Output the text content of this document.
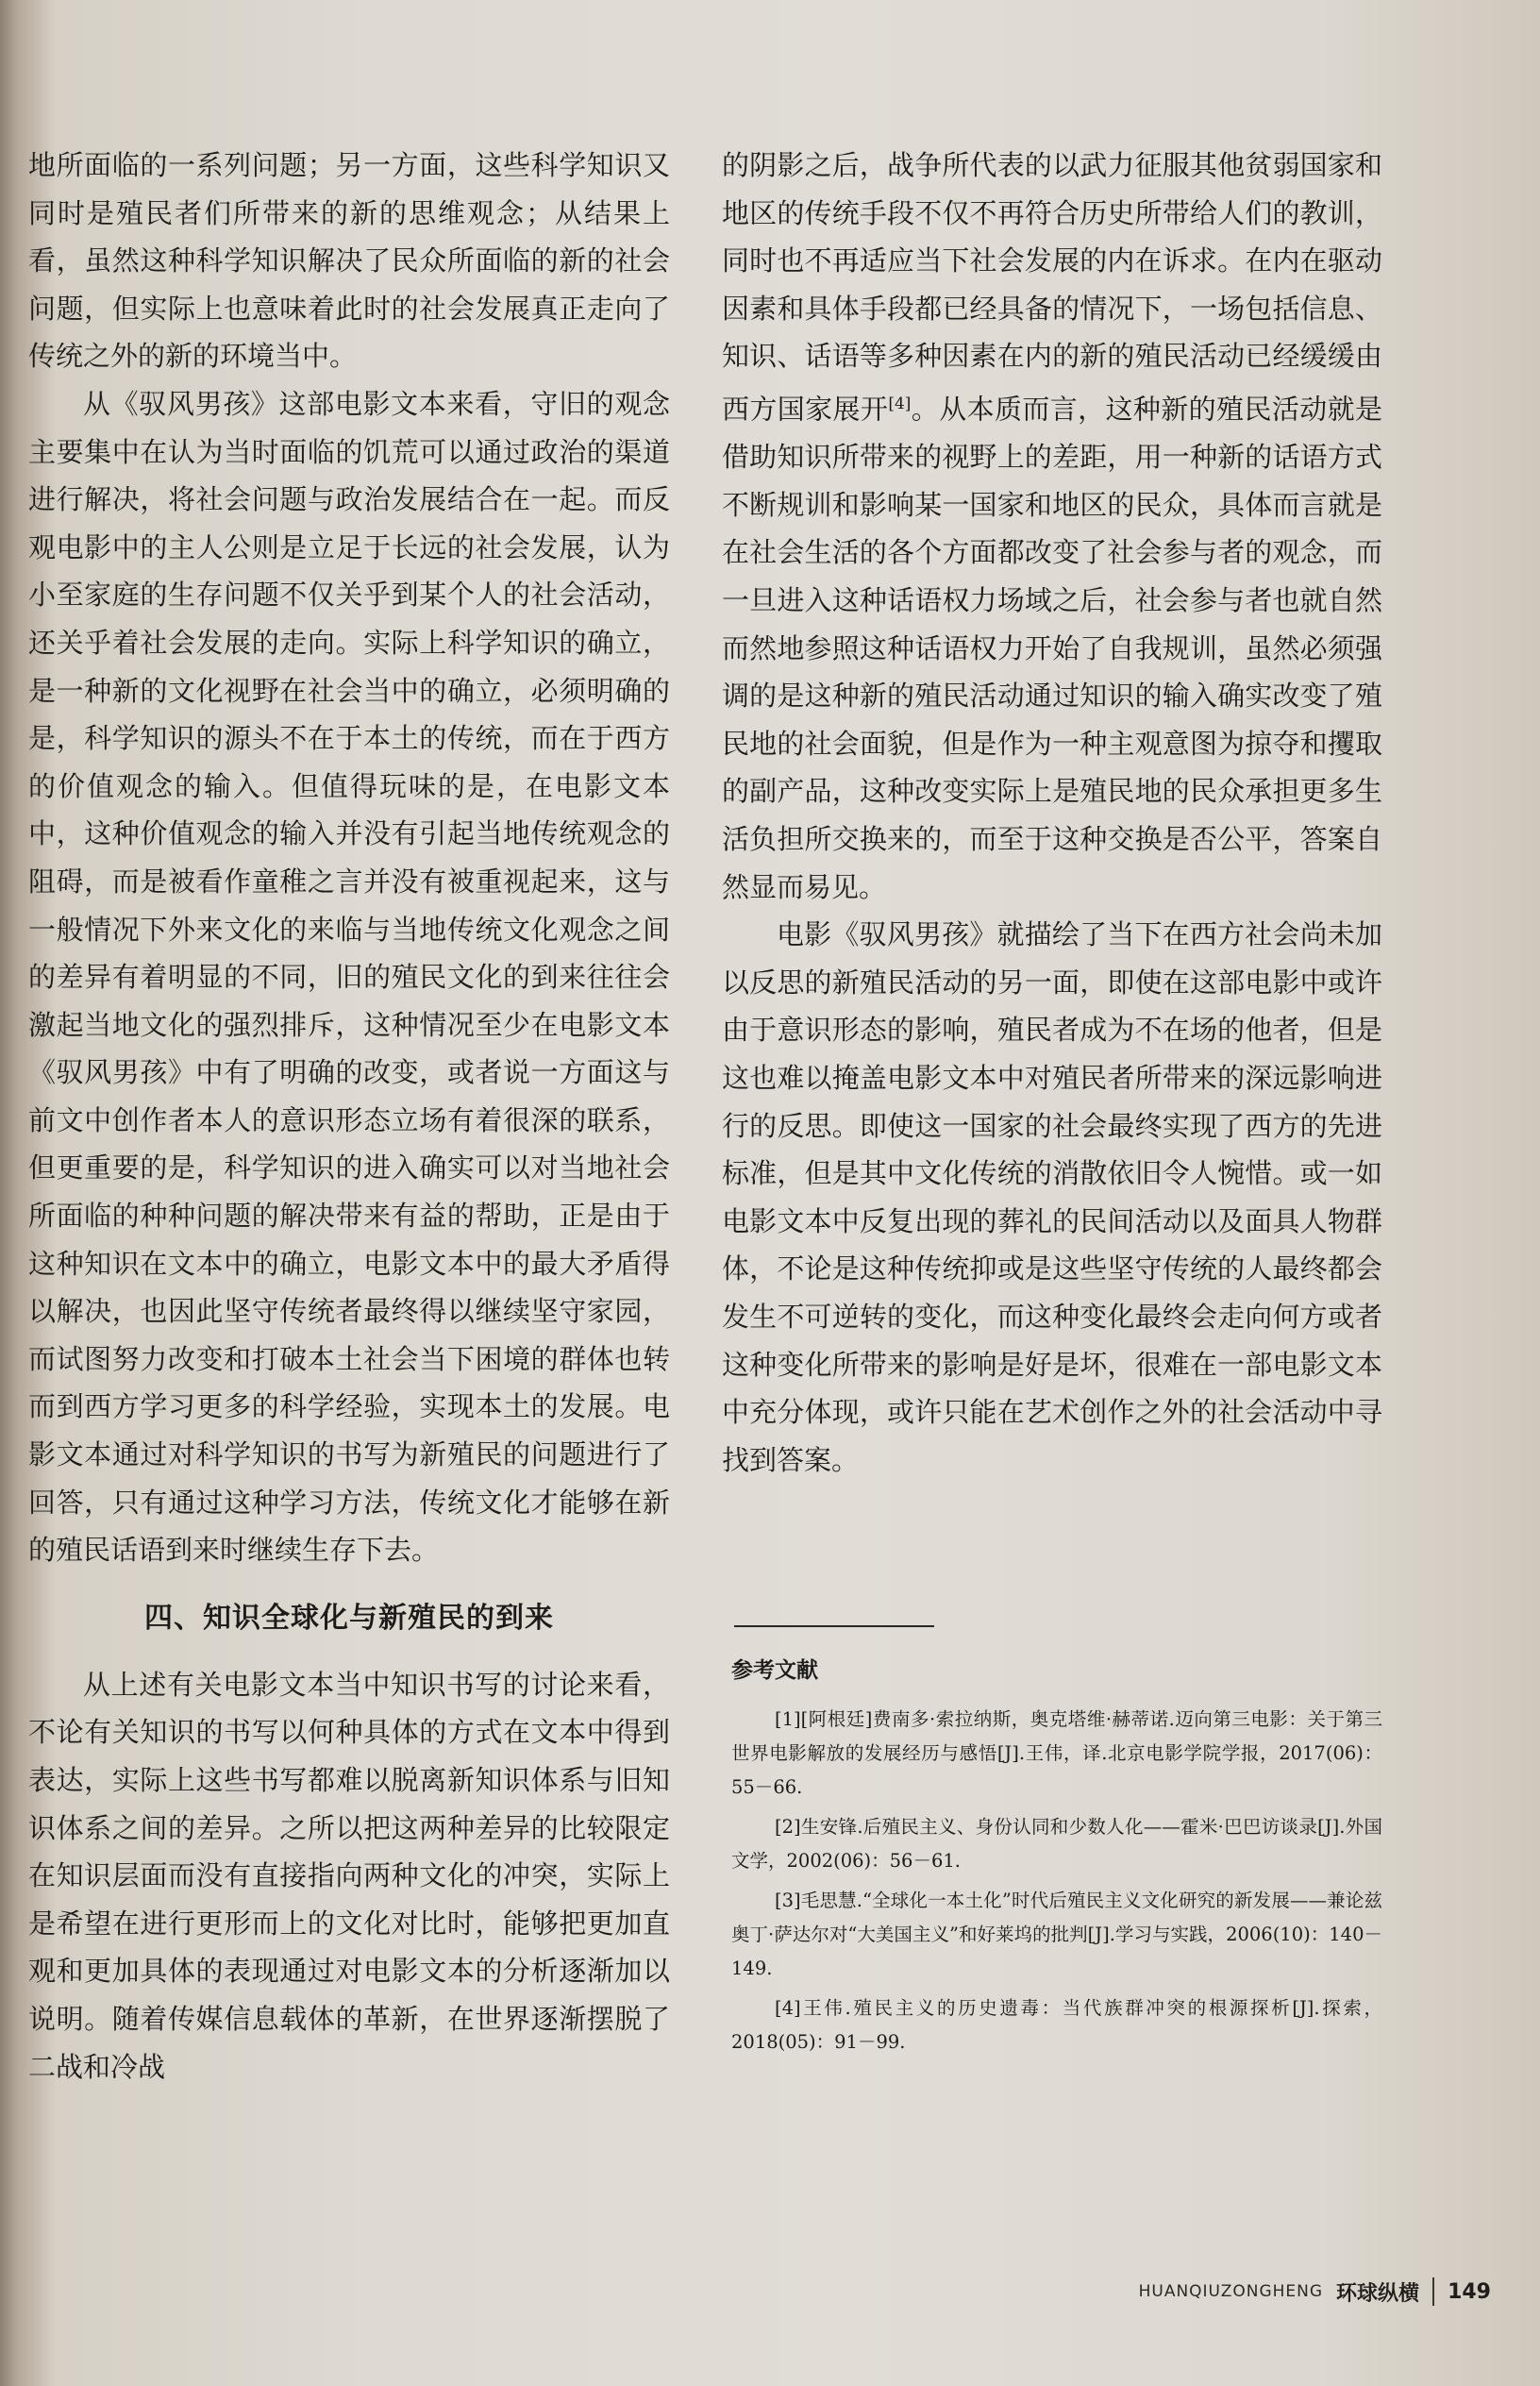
地所面临的一系列问题；另一方面，这些科学知识又同时是殖民者们所带来的新的思维观念；从结果上看，虽然这种科学知识解决了民众所面临的新的社会问题，但实际上也意味着此时的社会发展真正走向了传统之外的新的环境当中。

从《驭风男孩》这部电影文本来看，守旧的观念主要集中在认为当时面临的饥荒可以通过政治的渠道进行解决，将社会问题与政治发展结合在一起。而反观电影中的主人公则是立足于长远的社会发展，认为小至家庭的生存问题不仅关乎到某个人的社会活动，还关乎着社会发展的走向。实际上科学知识的确立，是一种新的文化视野在社会当中的确立，必须明确的是，科学知识的源头不在于本土的传统，而在于西方的价值观念的输入。但值得玩味的是，在电影文本中，这种价值观念的输入并没有引起当地传统观念的阻碍，而是被看作童稚之言并没有被重视起来，这与一般情况下外来文化的来临与当地传统文化观念之间的差异有着明显的不同，旧的殖民文化的到来往往会激起当地文化的强烈排斥，这种情况至少在电影文本《驭风男孩》中有了明确的改变，或者说一方面这与前文中创作者本人的意识形态立场有着很深的联系，但更重要的是，科学知识的进入确实可以对当地社会所面临的种种问题的解决带来有益的帮助，正是由于这种知识在文本中的确立，电影文本中的最大矛盾得以解决，也因此坚守传统者最终得以继续坚守家园，而试图努力改变和打破本土社会当下困境的群体也转而到西方学习更多的科学经验，实现本土的发展。电影文本通过对科学知识的书写为新殖民的问题进行了回答，只有通过这种学习方法，传统文化才能够在新的殖民话语到来时继续生存下去。

四、知识全球化与新殖民的到来

从上述有关电影文本当中知识书写的讨论来看，不论有关知识的书写以何种具体的方式在文本中得到表达，实际上这些书写都难以脱离新知识体系与旧知识体系之间的差异。之所以把这两种差异的比较限定在知识层面而没有直接指向两种文化的冲突，实际上是希望在进行更形而上的文化对比时，能够把更加直观和更加具体的表现通过对电影文本的分析逐渐加以说明。随着传媒信息载体的革新，在世界逐渐摆脱了二战和冷战

的阴影之后，战争所代表的以武力征服其他贫弱国家和地区的传统手段不仅不再符合历史所带给人们的教训，同时也不再适应当下社会发展的内在诉求。在内在驱动因素和具体手段都已经具备的情况下，一场包括信息、知识、话语等多种因素在内的新的殖民活动已经缓缓由西方国家展开[4]。从本质而言，这种新的殖民活动就是借助知识所带来的视野上的差距，用一种新的话语方式不断规训和影响某一国家和地区的民众，具体而言就是在社会生活的各个方面都改变了社会参与者的观念，而一旦进入这种话语权力场域之后，社会参与者也就自然而然地参照这种话语权力开始了自我规训，虽然必须强调的是这种新的殖民活动通过知识的输入确实改变了殖民地的社会面貌，但是作为一种主观意图为掠夺和攫取的副产品，这种改变实际上是殖民地的民众承担更多生活负担所交换来的，而至于这种交换是否公平，答案自然显而易见。

电影《驭风男孩》就描绘了当下在西方社会尚未加以反思的新殖民活动的另一面，即使在这部电影中或许由于意识形态的影响，殖民者成为不在场的他者，但是这也难以掩盖电影文本中对殖民者所带来的深远影响进行的反思。即使这一国家的社会最终实现了西方的先进标准，但是其中文化传统的消散依旧令人惋惜。或一如电影文本中反复出现的葬礼的民间活动以及面具人物群体，不论是这种传统抑或是这些坚守传统的人最终都会发生不可逆转的变化，而这种变化最终会走向何方或者这种变化所带来的影响是好是坏，很难在一部电影文本中充分体现，或许只能在艺术创作之外的社会活动中寻找到答案。

参考文献

[1][阿根廷]费南多·索拉纳斯，奥克塔维·赫蒂诺.迈向第三电影：关于第三世界电影解放的发展经历与感悟[J].王伟，译.北京电影学院学报，2017(06)：55－66.

[2]生安锋.后殖民主义、身份认同和少数人化——霍米·巴巴访谈录[J].外国文学，2002(06)：56－61.

[3]毛思慧.“全球化一本土化”时代后殖民主义文化研究的新发展——兼论兹奥丁·萨达尔对“大美国主义”和好莱坞的批判[J].学习与实践，2006(10)：140－149.

[4]王伟.殖民主义的历史遗毒：当代族群冲突的根源探析[J].探索，2018(05)：91－99.

HUANQIUZONGHENG 环球纵横 149
